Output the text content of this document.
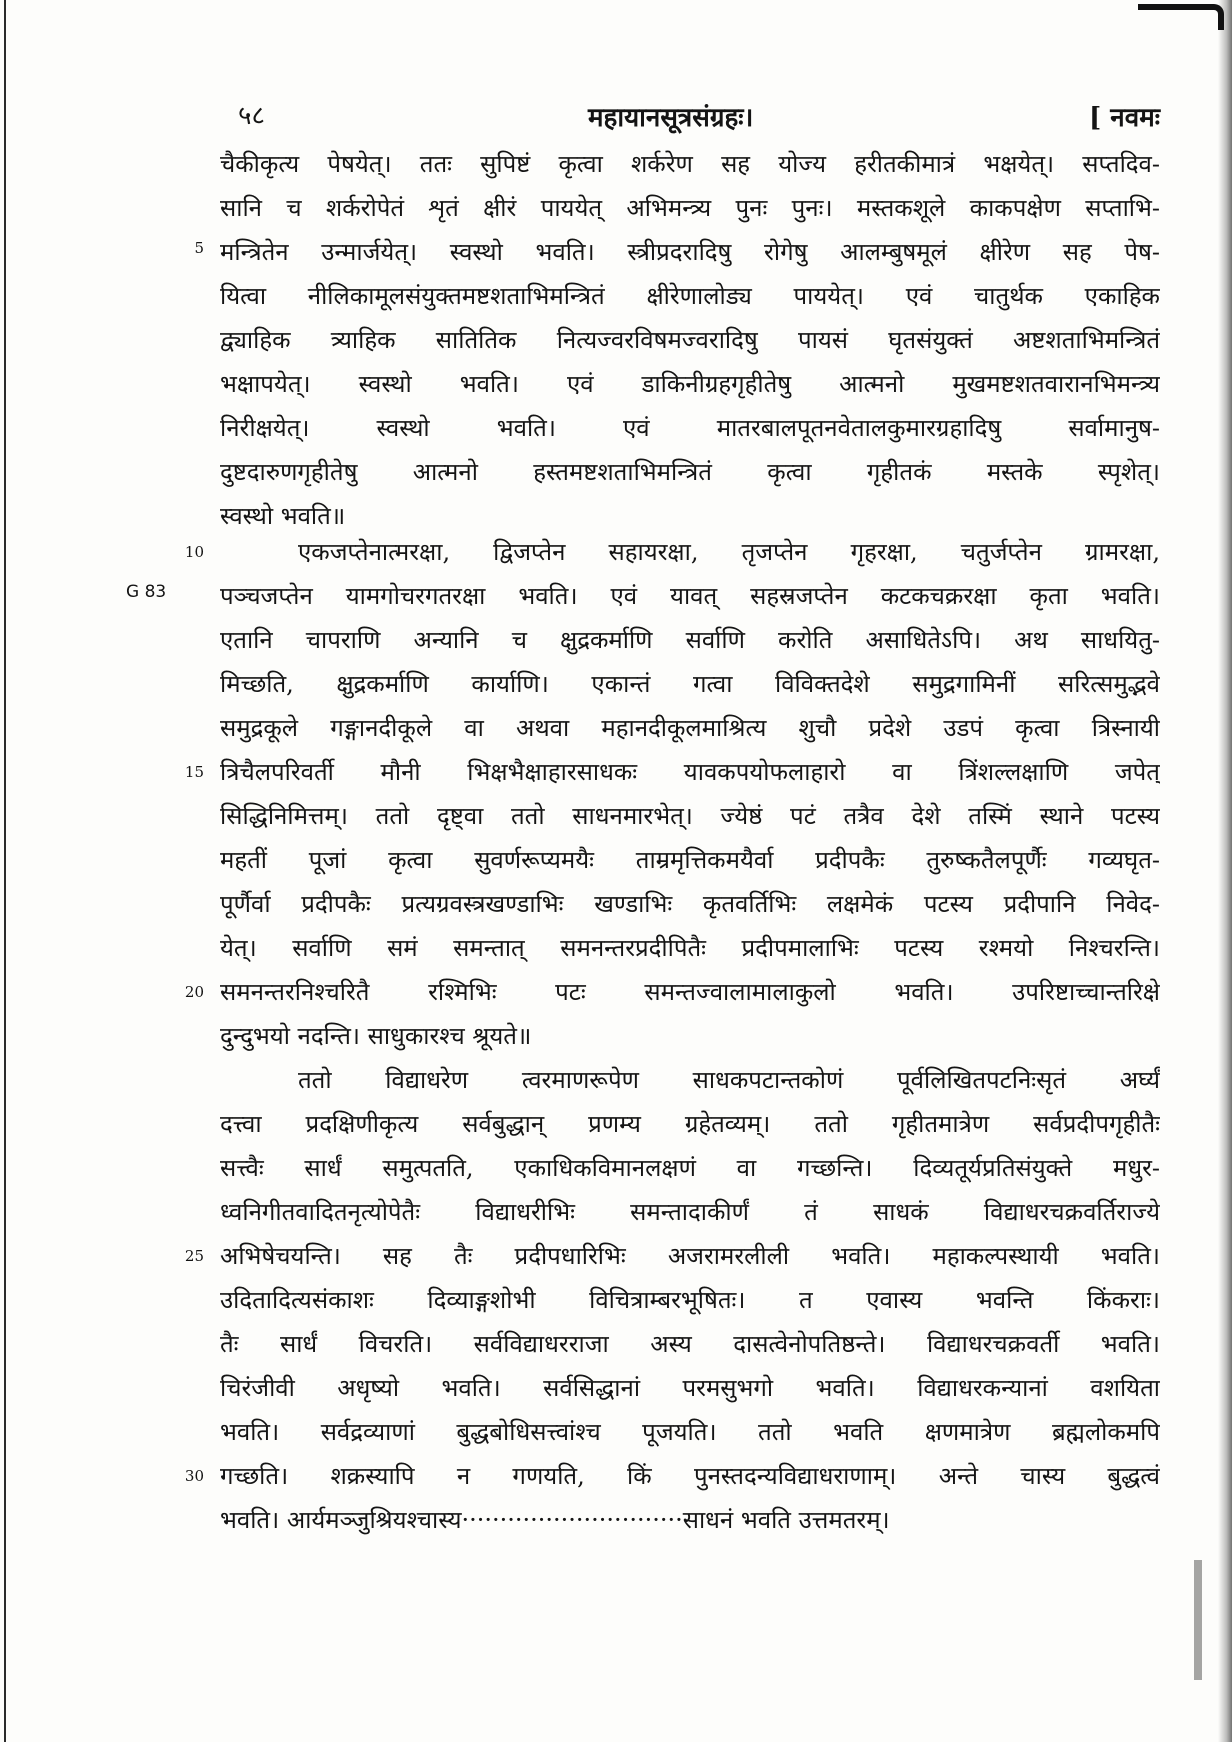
५८	महायानसूत्रसंग्रहः।	[ नवमः
5
10
15
20
25
30
G 83
चैकीकृत्य पेषयेत्। ततः सुपिष्टं कृत्वा शर्करेण सह योज्य हरीतकीमात्रं भक्षयेत्। सप्तदिव-
सानि च शर्करोपेतं शृतं क्षीरं पाययेत् अभिमन्त्र्य पुनः पुनः। मस्तकशूले काकपक्षेण सप्ताभि-
मन्त्रितेन उन्मार्जयेत्। स्वस्थो भवति। स्त्रीप्रदरादिषु रोगेषु आलम्बुषमूलं क्षीरेण सह पेष-
यित्वा नीलिकामूलसंयुक्तमष्टशताभिमन्त्रितं क्षीरेणालोड्य पाययेत्। एवं चातुर्थक एकाहिक
द्व्याहिक त्र्याहिक सातितिक नित्यज्वरविषमज्वरादिषु पायसं घृतसंयुक्तं अष्टशताभिमन्त्रितं
भक्षापयेत्। स्वस्थो भवति। एवं डाकिनीग्रहगृहीतेषु आत्मनो मुखमष्टशतवारानभिमन्त्र्य
निरीक्षयेत्। स्वस्थो भवति। एवं मातरबालपूतनवेतालकुमारग्रहादिषु सर्वामानुष-
दुष्टदारुणगृहीतेषु आत्मनो हस्तमष्टशताभिमन्त्रितं कृत्वा गृहीतकं मस्तके स्पृशेत्।
स्वस्थो भवति॥
एकजप्तेनात्मरक्षा, द्विजप्तेन सहायरक्षा, तृजप्तेन गृहरक्षा, चतुर्जप्तेन ग्रामरक्षा,
पञ्चजप्तेन यामगोचरगतरक्षा भवति। एवं यावत् सहस्रजप्तेन कटकचक्ररक्षा कृता भवति।
एतानि चापराणि अन्यानि च क्षुद्रकर्माणि सर्वाणि करोति असाधितेऽपि। अथ साधयितु-
मिच्छति, क्षुद्रकर्माणि कार्याणि। एकान्तं गत्वा विविक्तदेशे समुद्रगामिनीं सरित्समुद्भवे
समुद्रकूले गङ्गानदीकूले वा अथवा महानदीकूलमाश्रित्य शुचौ प्रदेशे उडपं कृत्वा त्रिस्नायी
त्रिचैलपरिवर्ती मौनी भिक्षभैक्षाहारसाधकः यावकपयोफलाहारो वा त्रिंशल्लक्षाणि जपेत्
सिद्धिनिमित्तम्। ततो दृष्ट्वा ततो साधनमारभेत्। ज्येष्ठं पटं तत्रैव देशे तस्मिं स्थाने पटस्य
महतीं पूजां कृत्वा सुवर्णरूप्यमयैः ताम्रमृत्तिकमयैर्वा प्रदीपकैः तुरुष्कतैलपूर्णैः गव्यघृत-
पूर्णैर्वा प्रदीपकैः प्रत्यग्रवस्त्रखण्डाभिः खण्डाभिः कृतवर्तिभिः लक्षमेकं पटस्य प्रदीपानि निवेद-
येत्। सर्वाणि समं समन्तात् समनन्तरप्रदीपितैः प्रदीपमालाभिः पटस्य रश्मयो निश्चरन्ति।
समनन्तरनिश्चरितै रश्मिभिः पटः समन्तज्वालामालाकुलो भवति। उपरिष्टाच्चान्तरिक्षे
दुन्दुभयो नदन्ति। साधुकारश्च श्रूयते॥
ततो विद्याधरेण त्वरमाणरूपेण साधकपटान्तकोणं पूर्वलिखितपटनिःसृतं अर्घ्यं
दत्त्वा प्रदक्षिणीकृत्य सर्वबुद्धान् प्रणम्य ग्रहेतव्यम्। ततो गृहीतमात्रेण सर्वप्रदीपगृहीतैः
सत्त्वैः सार्धं समुत्पतति, एकाधिकविमानलक्षणं वा गच्छन्ति। दिव्यतूर्यप्रतिसंयुक्ते मधुर-
ध्वनिगीतवादितनृत्योपेतैः विद्याधरीभिः समन्तादाकीर्णं तं साधकं विद्याधरचक्रवर्तिराज्ये
अभिषेचयन्ति। सह तैः प्रदीपधारिभिः अजरामरलीली भवति। महाकल्पस्थायी भवति।
उदितादित्यसंकाशः दिव्याङ्गशोभी विचित्राम्बरभूषितः। त एवास्य भवन्ति किंकराः।
तैः सार्धं विचरति। सर्वविद्याधरराजा अस्य दासत्वेनोपतिष्ठन्ते। विद्याधरचक्रवर्ती भवति।
चिरंजीवी अधृष्यो भवति। सर्वसिद्धानां परमसुभगो भवति। विद्याधरकन्यानां वशयिता
भवति। सर्वद्रव्याणां बुद्धबोधिसत्त्वांश्च पूजयति। ततो भवति क्षणमात्रेण ब्रह्मलोकमपि
गच्छति। शक्रस्यापि न गणयति, किं पुनस्तदन्यविद्याधराणाम्। अन्ते चास्य बुद्धत्वं
भवति। आर्यमञ्जुश्रियश्चास्य·····························साधनं भवति उत्तमतरम्।
